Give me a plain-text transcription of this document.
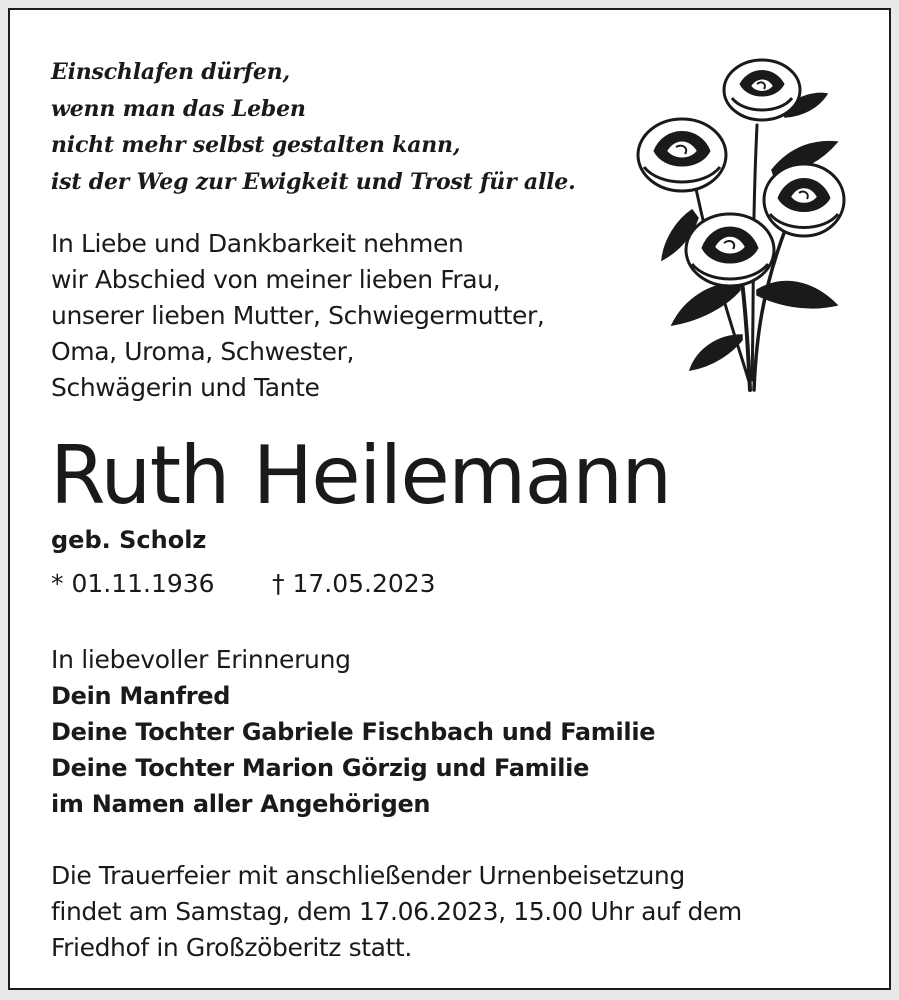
Einschlafen dürfen,
wenn man das Leben
nicht mehr selbst gestalten kann,
ist der Weg zur Ewigkeit und Trost für alle.
In Liebe und Dankbarkeit nehmen
wir Abschied von meiner lieben Frau,
unserer lieben Mutter, Schwiegermutter,
Oma, Uroma, Schwester,
Schwägerin und Tante
Ruth Heilemann
geb. Scholz
* 01.11.1936 † 17.05.2023
In liebevoller Erinnerung
Dein Manfred
Deine Tochter Gabriele Fischbach und Familie
Deine Tochter Marion Görzig und Familie
im Namen aller Angehörigen
Die Trauerfeier mit anschließender Urnenbeisetzung
findet am Samstag, dem 17.06.2023, 15.00 Uhr auf dem
Friedhof in Großzöberitz statt.
